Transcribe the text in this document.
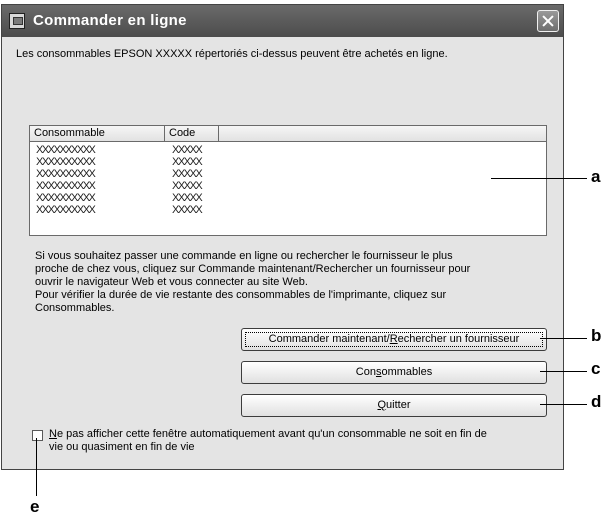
Commander en ligne
Les consommables EPSON XXXXX répertoriés ci-dessus peuvent être achetés en ligne.
Consommable	Code
XXXXXXXXXX	XXXXX
XXXXXXXXXX	XXXXX
XXXXXXXXXX	XXXXX
XXXXXXXXXX	XXXXX
XXXXXXXXXX	XXXXX
XXXXXXXXXX	XXXXX
Si vous souhaitez passer une commande en ligne ou rechercher le fournisseur le plus
proche de chez vous, cliquez sur Commande maintenant/Rechercher un fournisseur pour
ouvrir le navigateur Web et vous connecter au site Web.
Pour vérifier la durée de vie restante des consommables de l'imprimante, cliquez sur
Consommables.
Commander maintenant/Rechercher un fournisseur
Consommables
Quitter
Ne pas afficher cette fenêtre automatiquement avant qu'un consommable ne soit en fin de
vie ou quasiment en fin de vie
a
b
c
d
e
